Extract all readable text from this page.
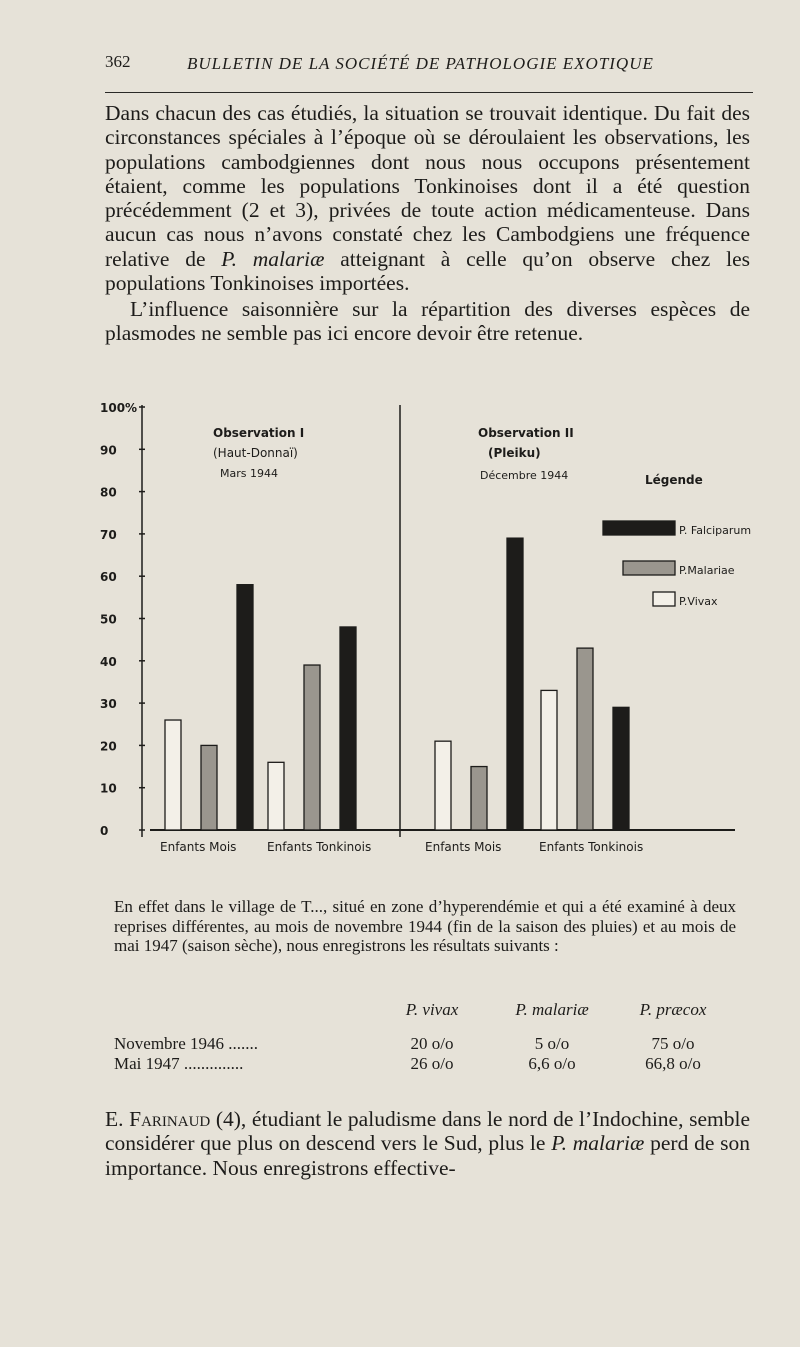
362	BULLETIN DE LA SOCIÉTÉ DE PATHOLOGIE EXOTIQUE

Dans chacun des cas étudiés, la situation se trouvait identique. Du fait des circonstances spéciales à l’époque où se déroulaient les observations, les populations cambodgiennes dont nous nous occupons présentement étaient, comme les populations Tonkinoises dont il a été question précédemment (2 et 3), privées de toute action médicamenteuse. Dans aucun cas nous n’avons constaté chez les Cambodgiens une fréquence relative de P. malariæ atteignant à celle qu’on observe chez les populations Tonkinoises importées.

L’influence saisonnière sur la répartition des diverses espèces de plasmodes ne semble pas ici encore devoir être retenue.

0
10
20
30
40
50
60
70
80
90
100%
Observation I
(Haut-Donnaï)
Mars 1944
Observation II
(Pleiku)
Décembre 1944	Légende
P. Falciparum
P.Malariae
P.Vivax
Enfants Mois	Enfants Tonkinois	Enfants Mois	Enfants Tonkinois

En effet dans le village de T..., situé en zone d’hyperendémie et qui a été examiné à deux reprises différentes, au mois de novembre 1944 (fin de la saison des pluies) et au mois de mai 1947 (saison sèche), nous enregistrons les résultats suivants :

	P. vivax	P. malariæ	P. præcox
Novembre 1946 .......	20 o/o	5 o/o	75 o/o
Mai 1947 ..............	26 o/o	6,6 o/o	66,8 o/o

E. Farinaud (4), étudiant le paludisme dans le nord de l’Indochine, semble considérer que plus on descend vers le Sud, plus le P. malariæ perd de son importance. Nous enregistrons effective-
